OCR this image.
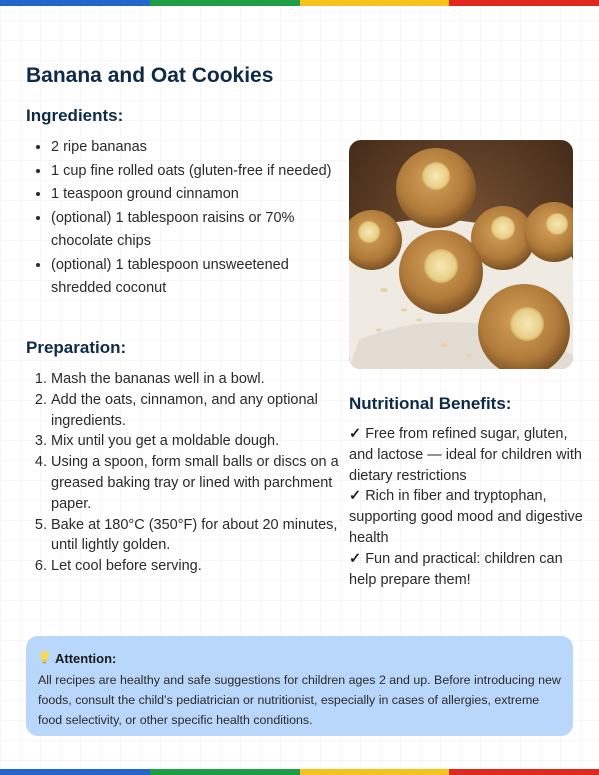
Banana and Oat Cookies
Ingredients:
• 2 ripe bananas
• 1 cup fine rolled oats (gluten-free if needed)
• 1 teaspoon ground cinnamon
• (optional) 1 tablespoon raisins or 70% chocolate chips
• (optional) 1 tablespoon unsweetened shredded coconut
Preparation:
1. Mash the bananas well in a bowl.
2. Add the oats, cinnamon, and any optional ingredients.
3. Mix until you get a moldable dough.
4. Using a spoon, form small balls or discs on a greased baking tray or lined with parchment paper.
5. Bake at 180°C (350°F) for about 20 minutes, until lightly golden.
6. Let cool before serving.
Nutritional Benefits:

✓ Free from refined sugar, gluten, and lactose — ideal for children with dietary restrictions

✓ Rich in fiber and tryptophan, supporting good mood and digestive health

✓ Fun and practical: children can help prepare them!

Attention:
All recipes are healthy and safe suggestions for children ages 2 and up. Before introducing new foods, consult the child’s pediatrician or nutritionist, especially in cases of allergies, extreme food selectivity, or other specific health conditions.
